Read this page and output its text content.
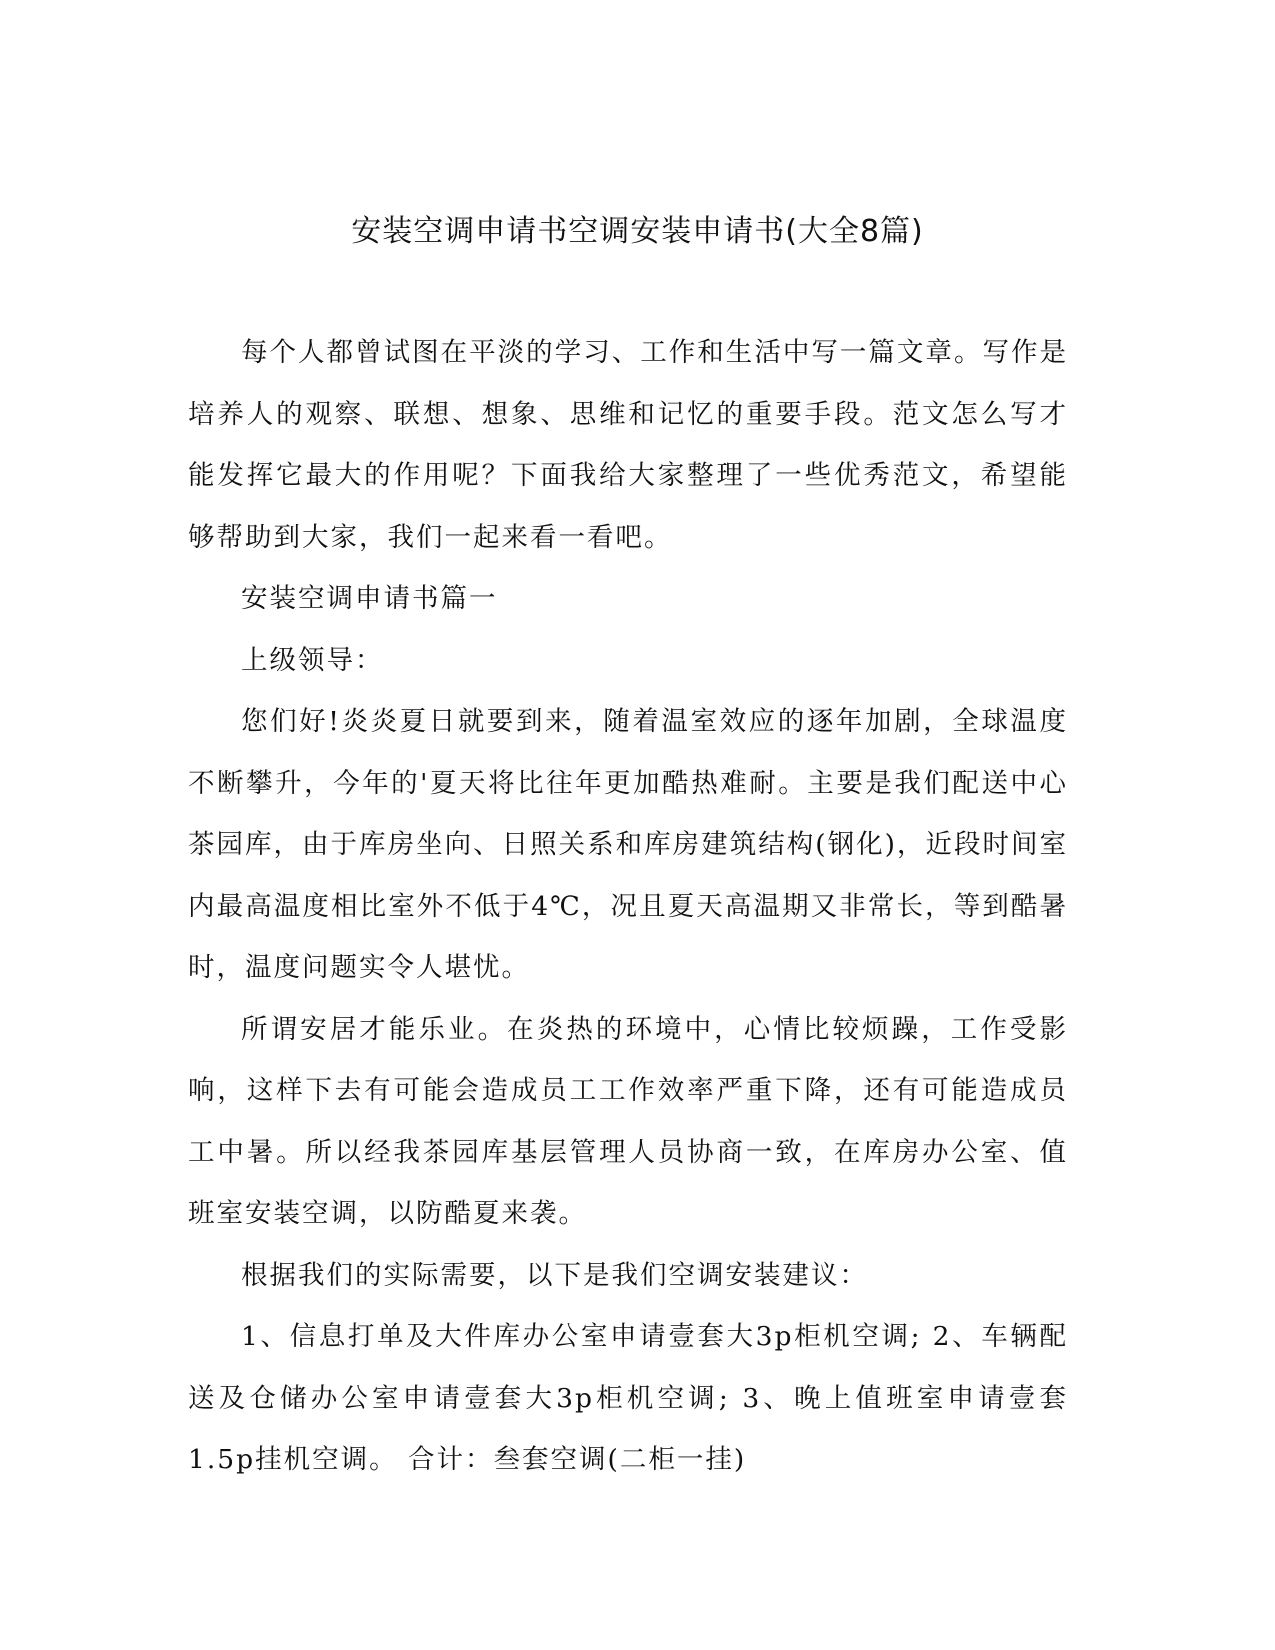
安装空调申请书空调安装申请书(大全8篇)

每个人都曾试图在平淡的学习、工作和生活中写一篇文章。写作是培养人的观察、联想、想象、思维和记忆的重要手段。范文怎么写才能发挥它最大的作用呢？下面我给大家整理了一些优秀范文，希望能够帮助到大家，我们一起来看一看吧。

安装空调申请书篇一

上级领导：

您们好!炎炎夏日就要到来，随着温室效应的逐年加剧，全球温度不断攀升，今年的'夏天将比往年更加酷热难耐。主要是我们配送中心茶园库，由于库房坐向、日照关系和库房建筑结构(钢化)，近段时间室内最高温度相比室外不低于4℃，况且夏天高温期又非常长，等到酷暑时，温度问题实令人堪忧。

所谓安居才能乐业。在炎热的环境中，心情比较烦躁，工作受影响，这样下去有可能会造成员工工作效率严重下降，还有可能造成员工中暑。所以经我茶园库基层管理人员协商一致，在库房办公室、值班室安装空调，以防酷夏来袭。

根据我们的实际需要，以下是我们空调安装建议：

1、信息打单及大件库办公室申请壹套大3p柜机空调; 2、车辆配送及仓储办公室申请壹套大3p柜机空调; 3、晚上值班室申请壹套1.5p挂机空调。 合计：叁套空调(二柜一挂)
